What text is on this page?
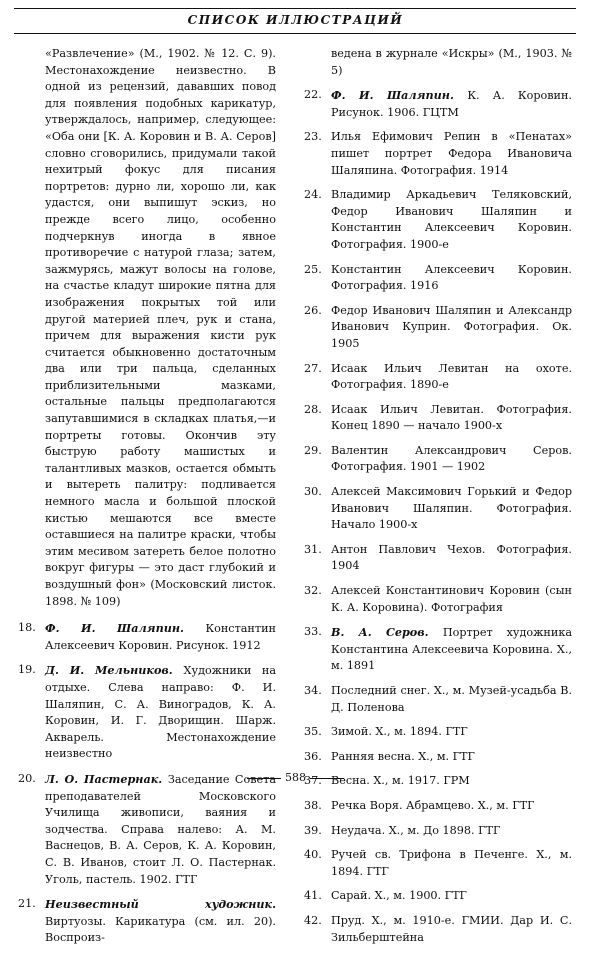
СПИСОК ИЛЛЮСТРАЦИЙ

«Развлечение» (М., 1902. № 12. С. 9). Местонахождение неизвестно. В одной из рецензий, дававших повод для появления подобных карикатур, утверждалось, например, следующее: «Оба они [К. А. Коровин и В. А. Серов] словно сговорились, придумали такой нехитрый фокус для писания портретов: дурно ли, хорошо ли, как удастся, они выпишут эскиз, но прежде всего лицо, особенно подчеркнув иногда в явное противоречие с натурой глаза; затем, зажмурясь, мажут волосы на голове, на счастье кладут широкие пятна для изображения покрытых той или другой материей плеч, рук и стана, причем для выражения кисти рук считается обыкновенно достаточным два или три пальца, сделанных приблизительными мазками, остальные пальцы предполагаются запутавшимися в складках платья,—и портреты готовы. Окончив эту быструю работу машистых и талантливых мазков, остается обмыть и вытереть палитру: подливается немного масла и большой плоской кистью мешаются все вместе оставшиеся на палитре краски, чтобы этим месивом затереть белое полотно вокруг фигуры — это даст глубокий и воздушный фон» (Московский листок. 1898. № 109)

18. Ф. И. Шаляпин. Константин Алексеевич Коровин. Рисунок. 1912
19. Д. И. Мельников. Художники на отдыхе. Слева направо: Ф. И. Шаляпин, С. А. Виноградов, К. А. Коровин, И. Г. Дворищин. Шарж. Акварель. Местонахождение неизвестно
20. Л. О. Пастернак. Заседание Совета преподавателей Московского Училища живописи, ваяния и зодчества. Справа налево: А. М. Васнецов, В. А. Серов, К. А. Коровин, С. В. Иванов, стоит Л. О. Пастернак. Уголь, пастель. 1902. ГТГ
21. Неизвестный художник. Виртуозы. Карикатура (см. ил. 20). Воспроиз-

ведена в журнале «Искры» (М., 1903. № 5)

22. Ф. И. Шаляпин. К. А. Коровин. Рисунок. 1906. ГЦТМ
23. Илья Ефимович Репин в «Пенатах» пишет портрет Федора Ивановича Шаляпина. Фотография. 1914
24. Владимир Аркадьевич Теляковский, Федор Иванович Шаляпин и Константин Алексеевич Коровин. Фотография. 1900-е
25. Константин Алексеевич Коровин. Фотография. 1916
26. Федор Иванович Шаляпин и Александр Иванович Куприн. Фотография. Ок. 1905
27. Исаак Ильич Левитан на охоте. Фотография. 1890-е
28. Исаак Ильич Левитан. Фотография. Конец 1890 — начало 1900-х
29. Валентин Александрович Серов. Фотография. 1901 — 1902
30. Алексей Максимович Горький и Федор Иванович Шаляпин. Фотография. Начало 1900-х
31. Антон Павлович Чехов. Фотография. 1904
32. Алексей Константинович Коровин (сын К. А. Коровина). Фотография
33. В. А. Серов. Портрет художника Константина Алексеевича Коровина. Х., м. 1891
34. Последний снег. Х., м. Музей-усадьба В. Д. Поленова
35. Зимой. Х., м. 1894. ГТГ
36. Ранняя весна. Х., м. ГТГ
37. Весна. Х., м. 1917. ГРМ
38. Речка Воря. Абрамцево. Х., м. ГТГ
39. Неудача. Х., м. До 1898. ГТГ
40. Ручей св. Трифона в Печенге. Х., м. 1894. ГТГ
41. Сарай. Х., м. 1900. ГТГ
42. Пруд. Х., м. 1910-е. ГМИИ. Дар И. С. Зильберштейна
588
